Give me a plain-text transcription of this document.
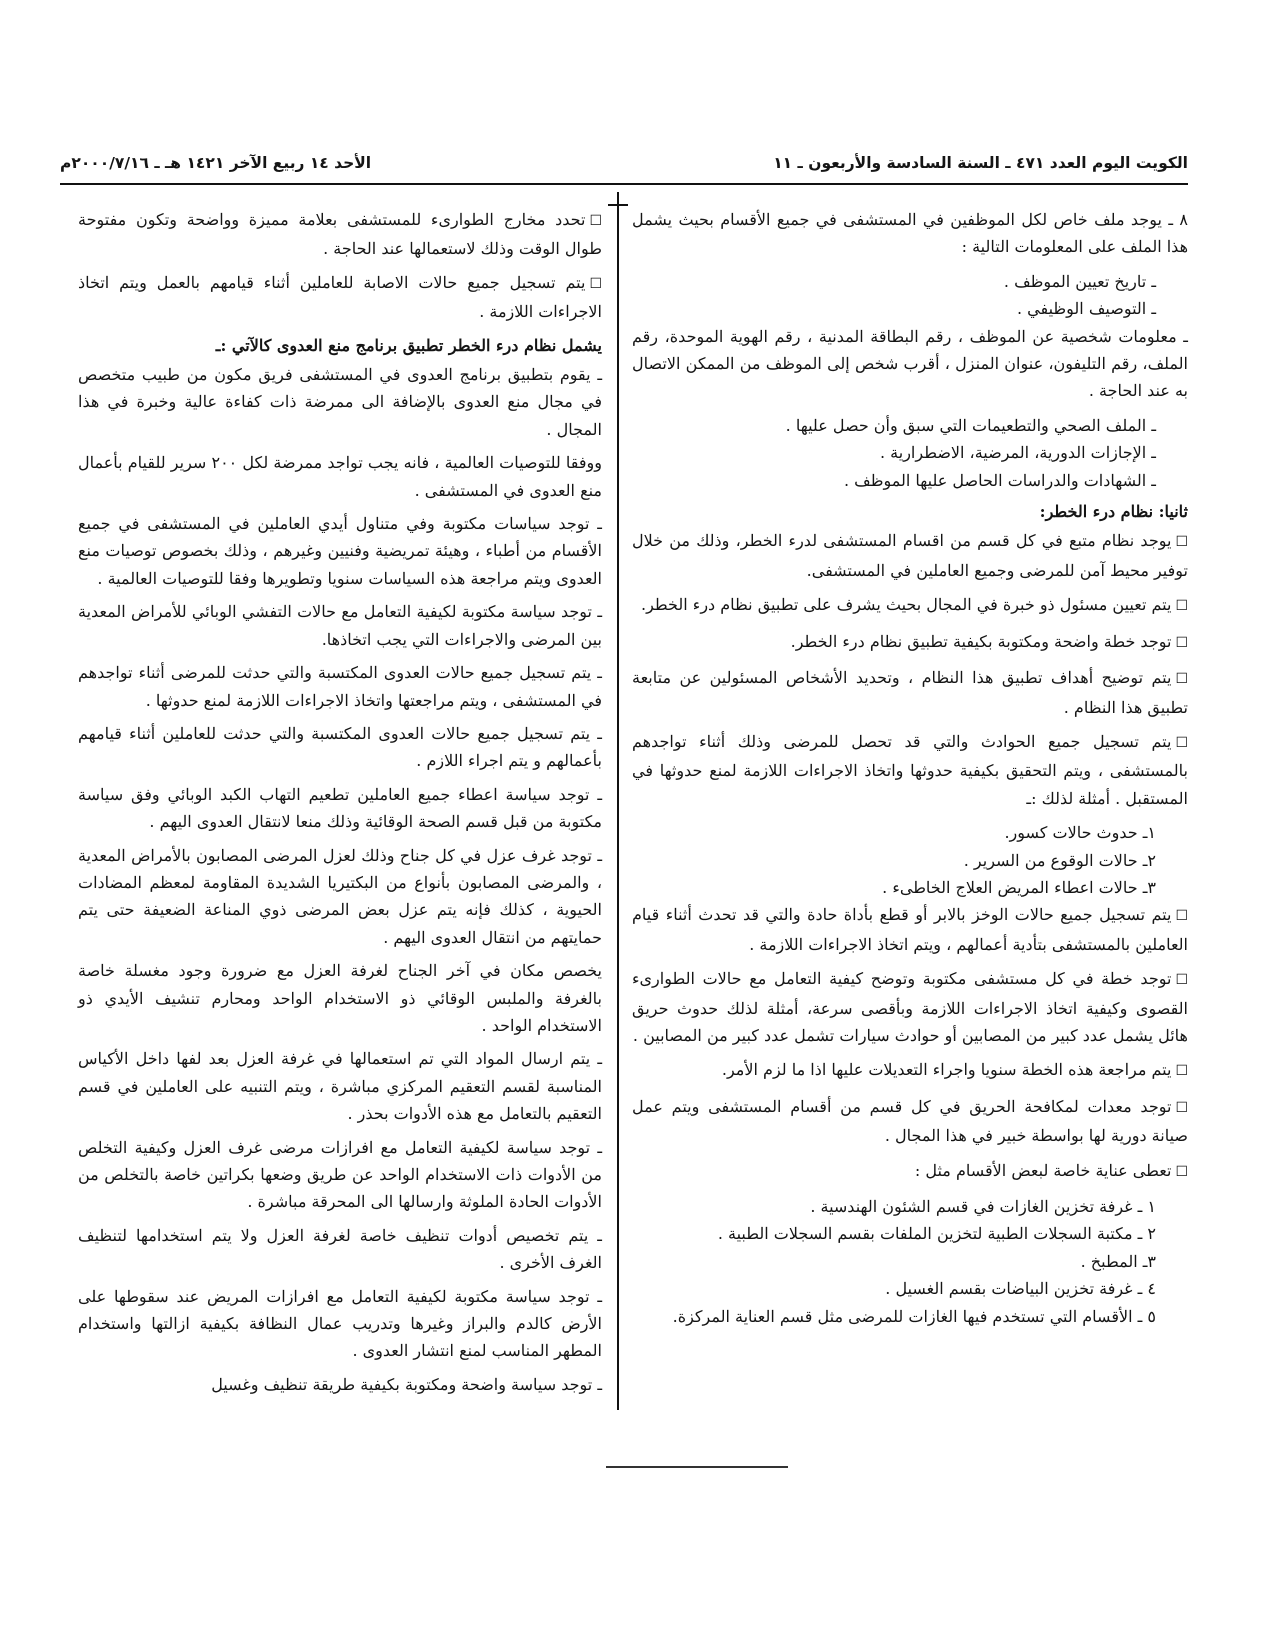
الكويت اليوم العدد ٤٧١ ـ السنة السادسة والأربعون ـ ١١
الأحد ١٤ ربيع الآخر ١٤٢١ هـ ـ ٢٠٠٠/٧/١٦م

٨ ـ يوجد ملف خاص لكل الموظفين في المستشفى في جميع الأقسام بحيث يشمل هذا الملف على المعلومات التالية :

ـ تاريخ تعيين الموظف .

ـ التوصيف الوظيفي .

ـ معلومات شخصية عن الموظف ، رقم البطاقة المدنية ، رقم الهوية الموحدة، رقم الملف، رقم التليفون، عنوان المنزل ، أقرب شخص إلى الموظف من الممكن الاتصال به عند الحاجة .

ـ الملف الصحي والتطعيمات التي سبق وأن حصل عليها .

ـ الإجازات الدورية، المرضية، الاضطرارية .

ـ الشهادات والدراسات الحاصل عليها الموظف .

ثانيا: نظام درء الخطر:

☐يوجد نظام متبع في كل قسم من اقسام المستشفى لدرء الخطر، وذلك من خلال توفير محيط آمن للمرضى وجميع العاملين في المستشفى.

☐يتم تعيين مسئول ذو خبرة في المجال بحيث يشرف على تطبيق نظام درء الخطر.

☐توجد خطة واضحة ومكتوبة بكيفية تطبيق نظام درء الخطر.

☐يتم توضيح أهداف تطبيق هذا النظام ، وتحديد الأشخاص المسئولين عن متابعة تطبيق هذا النظام .

☐يتم تسجيل جميع الحوادث والتي قد تحصل للمرضى وذلك أثناء تواجدهم بالمستشفى ، ويتم التحقيق بكيفية حدوثها واتخاذ الاجراءات اللازمة لمنع حدوثها في المستقبل . أمثلة لذلك :ـ

١ـ حدوث حالات كسور.

٢ـ حالات الوقوع من السرير .

٣ـ حالات اعطاء المريض العلاج الخاطىء .

☐يتم تسجيل جميع حالات الوخز بالابر أو قطع بأداة حادة والتي قد تحدث أثناء قيام العاملين بالمستشفى بتأدية أعمالهم ، ويتم اتخاذ الاجراءات اللازمة .

☐توجد خطة في كل مستشفى مكتوبة وتوضح كيفية التعامل مع حالات الطوارىء القصوى وكيفية اتخاذ الاجراءات اللازمة وبأقصى سرعة، أمثلة لذلك حدوث حريق هائل يشمل عدد كبير من المصابين أو حوادث سيارات تشمل عدد كبير من المصابين .

☐يتم مراجعة هذه الخطة سنويا واجراء التعديلات عليها اذا ما لزم الأمر.

☐توجد معدات لمكافحة الحريق في كل قسم من أقسام المستشفى ويتم عمل صيانة دورية لها بواسطة خبير في هذا المجال .

☐تعطى عناية خاصة لبعض الأقسام مثل :

١ ـ غرفة تخزين الغازات في قسم الشئون الهندسية .

٢ ـ مكتبة السجلات الطبية لتخزين الملفات بقسم السجلات الطبية .

٣ـ المطبخ .

٤ ـ غرفة تخزين البياضات بقسم الغسيل .

٥ ـ الأقسام التي تستخدم فيها الغازات للمرضى مثل قسم العناية المركزة.

☐تحدد مخارج الطوارىء للمستشفى بعلامة مميزة وواضحة وتكون مفتوحة طوال الوقت وذلك لاستعمالها عند الحاجة .

☐يتم تسجيل جميع حالات الاصابة للعاملين أثناء قيامهم بالعمل ويتم اتخاذ الاجراءات اللازمة .

يشمل نظام درء الخطر تطبيق برنامج منع العدوى كالآتي :ـ

ـ يقوم بتطبيق برنامج العدوى في المستشفى فريق مكون من طبيب متخصص في مجال منع العدوى بالإضافة الى ممرضة ذات كفاءة عالية وخبرة في هذا المجال .

ووفقا للتوصيات العالمية ، فانه يجب تواجد ممرضة لكل ٢٠٠ سرير للقيام بأعمال منع العدوى في المستشفى .

ـ توجد سياسات مكتوبة وفي متناول أيدي العاملين في المستشفى في جميع الأقسام من أطباء ، وهيئة تمريضية وفنيين وغيرهم ، وذلك بخصوص توصيات منع العدوى ويتم مراجعة هذه السياسات سنويا وتطويرها وفقا للتوصيات العالمية .

ـ توجد سياسة مكتوبة لكيفية التعامل مع حالات التفشي الوبائي للأمراض المعدية بين المرضى والاجراءات التي يجب اتخاذها.

ـ يتم تسجيل جميع حالات العدوى المكتسبة والتي حدثت للمرضى أثناء تواجدهم في المستشفى ، ويتم مراجعتها واتخاذ الاجراءات اللازمة لمنع حدوثها .

ـ يتم تسجيل جميع حالات العدوى المكتسبة والتي حدثت للعاملين أثناء قيامهم بأعمالهم و يتم اجراء اللازم .

ـ توجد سياسة اعطاء جميع العاملين تطعيم التهاب الكبد الوبائي وفق سياسة مكتوبة من قبل قسم الصحة الوقائية وذلك منعا لانتقال العدوى اليهم .

ـ توجد غرف عزل في كل جناح وذلك لعزل المرضى المصابون بالأمراض المعدية ، والمرضى المصابون بأنواع من البكتيريا الشديدة المقاومة لمعظم المضادات الحيوية ، كذلك فإنه يتم عزل بعض المرضى ذوي المناعة الضعيفة حتى يتم حمايتهم من انتقال العدوى اليهم .

يخصص مكان في آخر الجناح لغرفة العزل مع ضرورة وجود مغسلة خاصة بالغرفة والملبس الوقائي ذو الاستخدام الواحد ومحارم تنشيف الأيدي ذو الاستخدام الواحد .

ـ يتم ارسال المواد التي تم استعمالها في غرفة العزل بعد لفها داخل الأكياس المناسبة لقسم التعقيم المركزي مباشرة ، ويتم التنبيه على العاملين في قسم التعقيم بالتعامل مع هذه الأدوات بحذر .

ـ توجد سياسة لكيفية التعامل مع افرازات مرضى غرف العزل وكيفية التخلص من الأدوات ذات الاستخدام الواحد عن طريق وضعها بكراتين خاصة بالتخلص من الأدوات الحادة الملوثة وارسالها الى المحرقة مباشرة .

ـ يتم تخصيص أدوات تنظيف خاصة لغرفة العزل ولا يتم استخدامها لتنظيف الغرف الأخرى .

ـ توجد سياسة مكتوبة لكيفية التعامل مع افرازات المريض عند سقوطها على الأرض كالدم والبراز وغيرها وتدريب عمال النظافة بكيفية ازالتها واستخدام المطهر المناسب لمنع انتشار العدوى .

ـ توجد سياسة واضحة ومكتوبة بكيفية طريقة تنظيف وغسيل
